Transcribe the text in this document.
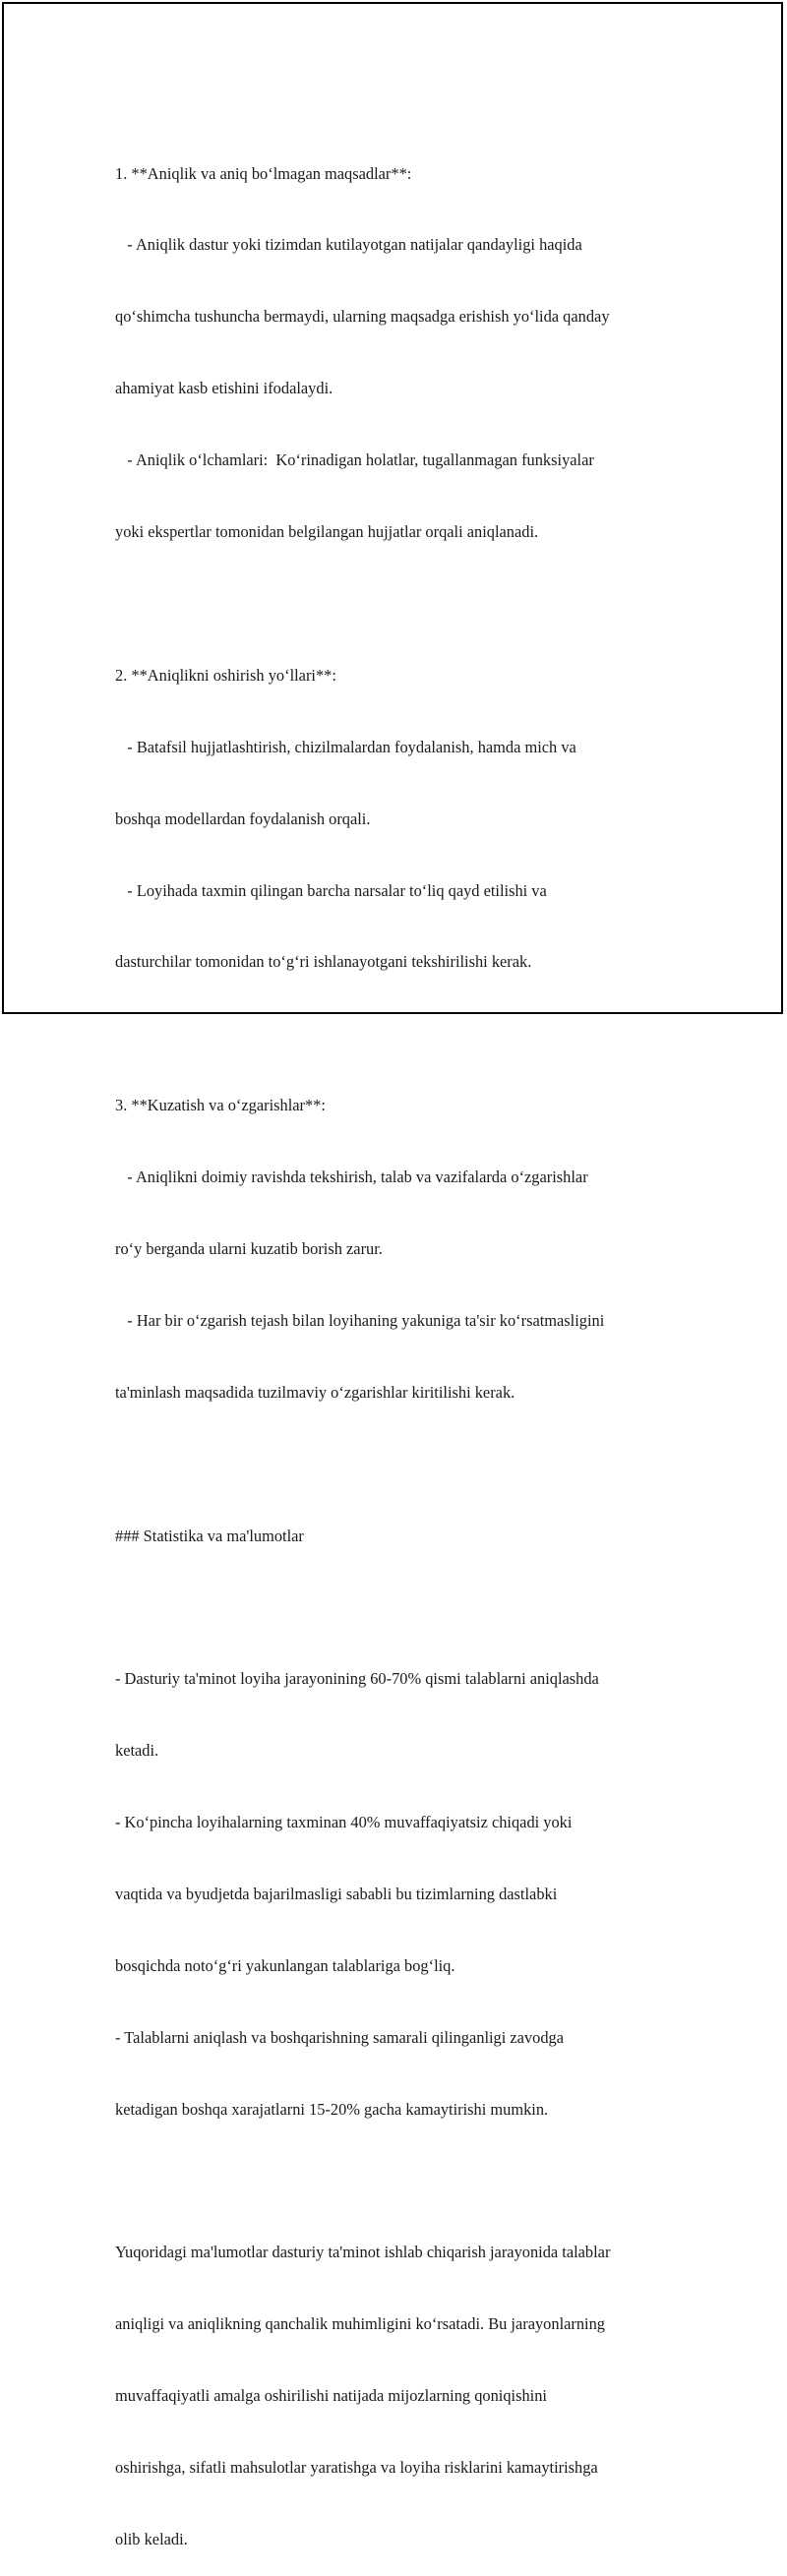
1. **Aniqlik va aniq boʻlmagan maqsadlar**:

- Aniqlik dastur yoki tizimdan kutilayotgan natijalar qandayligi haqida

qoʻshimcha tushuncha bermaydi, ularning maqsadga erishish yoʻlida qanday

ahamiyat kasb etishini ifodalaydi.

- Aniqlik oʻlchamlari:  Koʻrinadigan holatlar, tugallanmagan funksiyalar

yoki ekspertlar tomonidan belgilangan hujjatlar orqali aniqlanadi.

2. **Aniqlikni oshirish yoʻllari**:

- Batafsil hujjatlashtirish, chizilmalardan foydalanish, hamda mich va

boshqa modellardan foydalanish orqali.

- Loyihada taxmin qilingan barcha narsalar toʻliq qayd etilishi va

dasturchilar tomonidan toʻgʻri ishlanayotgani tekshirilishi kerak.

3. **Kuzatish va oʻzgarishlar**:

- Aniqlikni doimiy ravishda tekshirish, talab va vazifalarda oʻzgarishlar

roʻy berganda ularni kuzatib borish zarur.

- Har bir oʻzgarish tejash bilan loyihaning yakuniga ta'sir koʻrsatmasligini

ta'minlash maqsadida tuzilmaviy oʻzgarishlar kiritilishi kerak.

### Statistika va ma'lumotlar

- Dasturiy ta'minot loyiha jarayonining 60-70% qismi talablarni aniqlashda

ketadi.

- Koʻpincha loyihalarning taxminan 40% muvaffaqiyatsiz chiqadi yoki

vaqtida va byudjetda bajarilmasligi sababli bu tizimlarning dastlabki

bosqichda notoʻgʻri yakunlangan talablariga bogʻliq.

- Talablarni aniqlash va boshqarishning samarali qilinganligi zavodga

ketadigan boshqa xarajatlarni 15-20% gacha kamaytirishi mumkin.

Yuqoridagi ma'lumotlar dasturiy ta'minot ishlab chiqarish jarayonida talablar

aniqligi va aniqlikning qanchalik muhimligini koʻrsatadi. Bu jarayonlarning

muvaffaqiyatli amalga oshirilishi natijada mijozlarning qoniqishini

oshirishga, sifatli mahsulotlar yaratishga va loyiha risklarini kamaytirishga

olib keladi.
